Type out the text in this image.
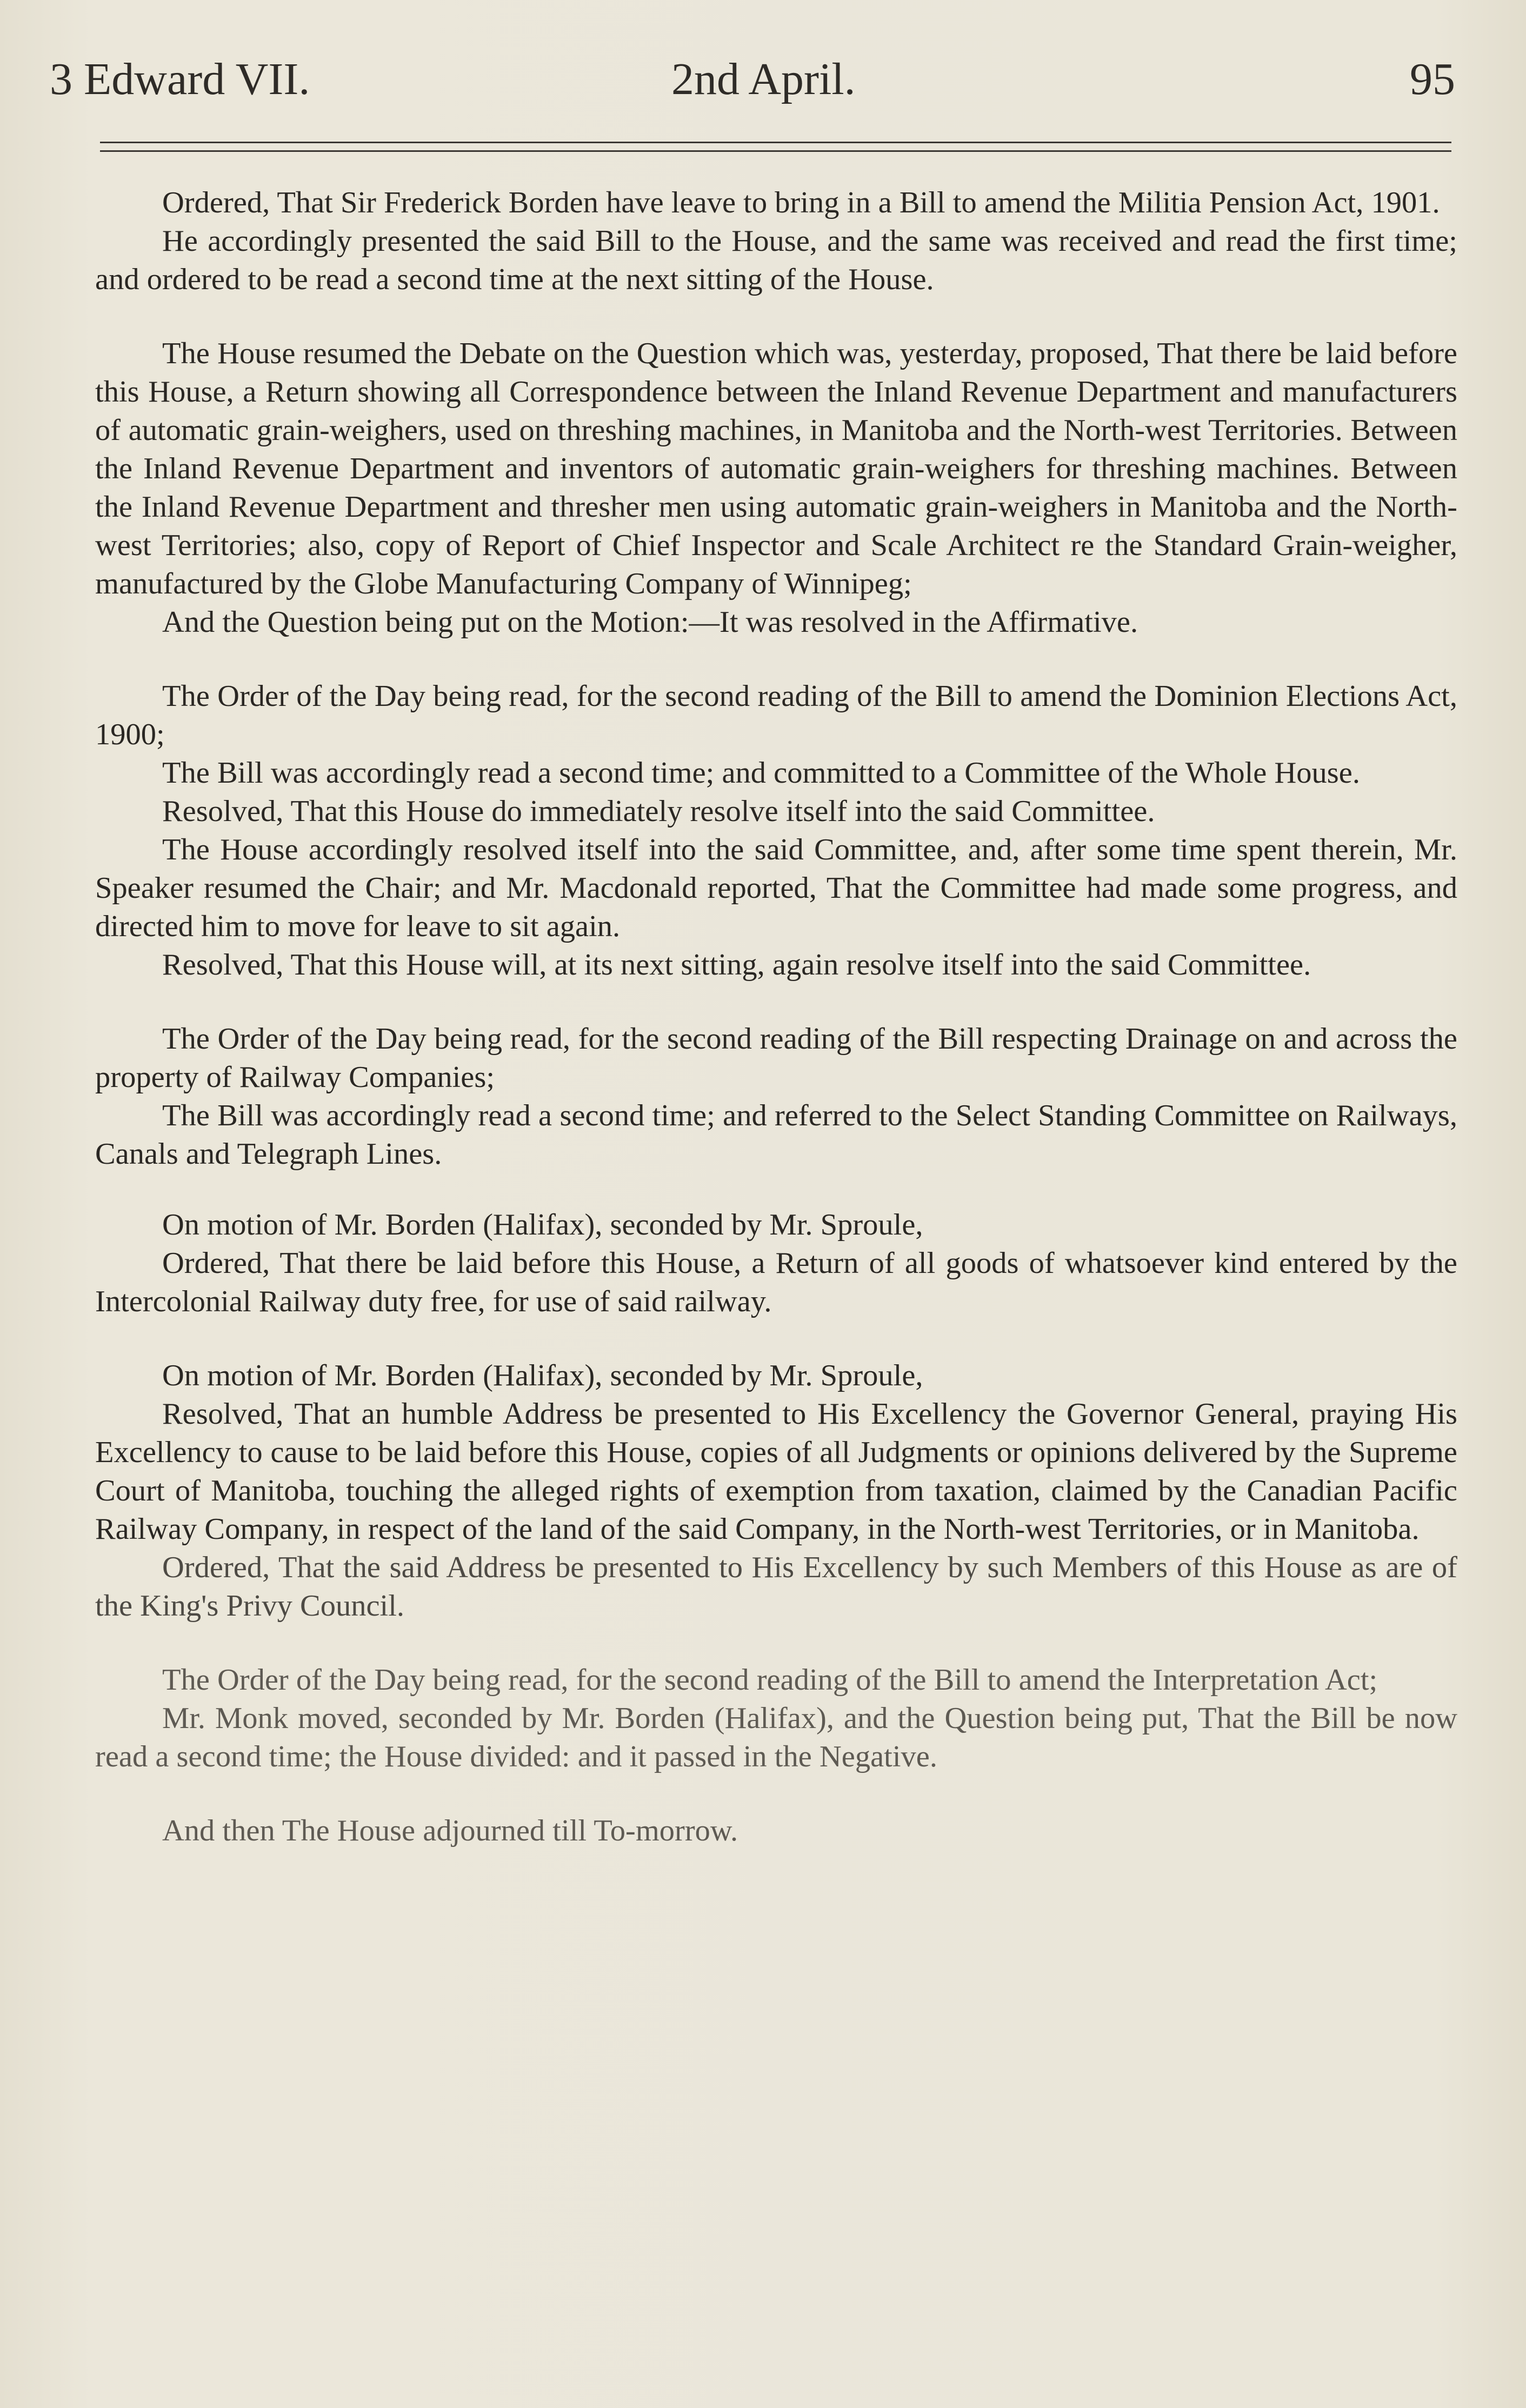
3 Edward VII.	2nd April.	95

Ordered, That Sir Frederick Borden have leave to bring in a Bill to amend the Militia Pension Act, 1901.

He accordingly presented the said Bill to the House, and the same was received and read the first time; and ordered to be read a second time at the next sitting of the House.

The House resumed the Debate on the Question which was, yesterday, proposed, That there be laid before this House, a Return showing all Correspondence between the Inland Revenue Department and manufacturers of automatic grain-weighers, used on threshing machines, in Manitoba and the North-west Territories. Between the Inland Revenue Department and inventors of automatic grain-weighers for threshing machines. Between the Inland Revenue Department and thresher men using automatic grain-weighers in Manitoba and the North-west Territories; also, copy of Report of Chief Inspector and Scale Architect re the Standard Grain-weigher, manufactured by the Globe Manufacturing Company of Winnipeg;

And the Question being put on the Motion:—It was resolved in the Affirmative.

The Order of the Day being read, for the second reading of the Bill to amend the Dominion Elections Act, 1900;

The Bill was accordingly read a second time; and committed to a Committee of the Whole House.

Resolved, That this House do immediately resolve itself into the said Committee.

The House accordingly resolved itself into the said Committee, and, after some time spent therein, Mr. Speaker resumed the Chair; and Mr. Macdonald reported, That the Committee had made some progress, and directed him to move for leave to sit again.

Resolved, That this House will, at its next sitting, again resolve itself into the said Committee.

The Order of the Day being read, for the second reading of the Bill respecting Drainage on and across the property of Railway Companies;

The Bill was accordingly read a second time; and referred to the Select Standing Committee on Railways, Canals and Telegraph Lines.

On motion of Mr. Borden (Halifax), seconded by Mr. Sproule,

Ordered, That there be laid before this House, a Return of all goods of whatsoever kind entered by the Intercolonial Railway duty free, for use of said railway.

On motion of Mr. Borden (Halifax), seconded by Mr. Sproule,

Resolved, That an humble Address be presented to His Excellency the Governor General, praying His Excellency to cause to be laid before this House, copies of all Judgments or opinions delivered by the Supreme Court of Manitoba, touching the alleged rights of exemption from taxation, claimed by the Canadian Pacific Railway Company, in respect of the land of the said Company, in the North-west Territories, or in Manitoba.

Ordered, That the said Address be presented to His Excellency by such Members of this House as are of the King's Privy Council.

The Order of the Day being read, for the second reading of the Bill to amend the Interpretation Act;

Mr. Monk moved, seconded by Mr. Borden (Halifax), and the Question being put, That the Bill be now read a second time; the House divided: and it passed in the Negative.

And then The House adjourned till To-morrow.
